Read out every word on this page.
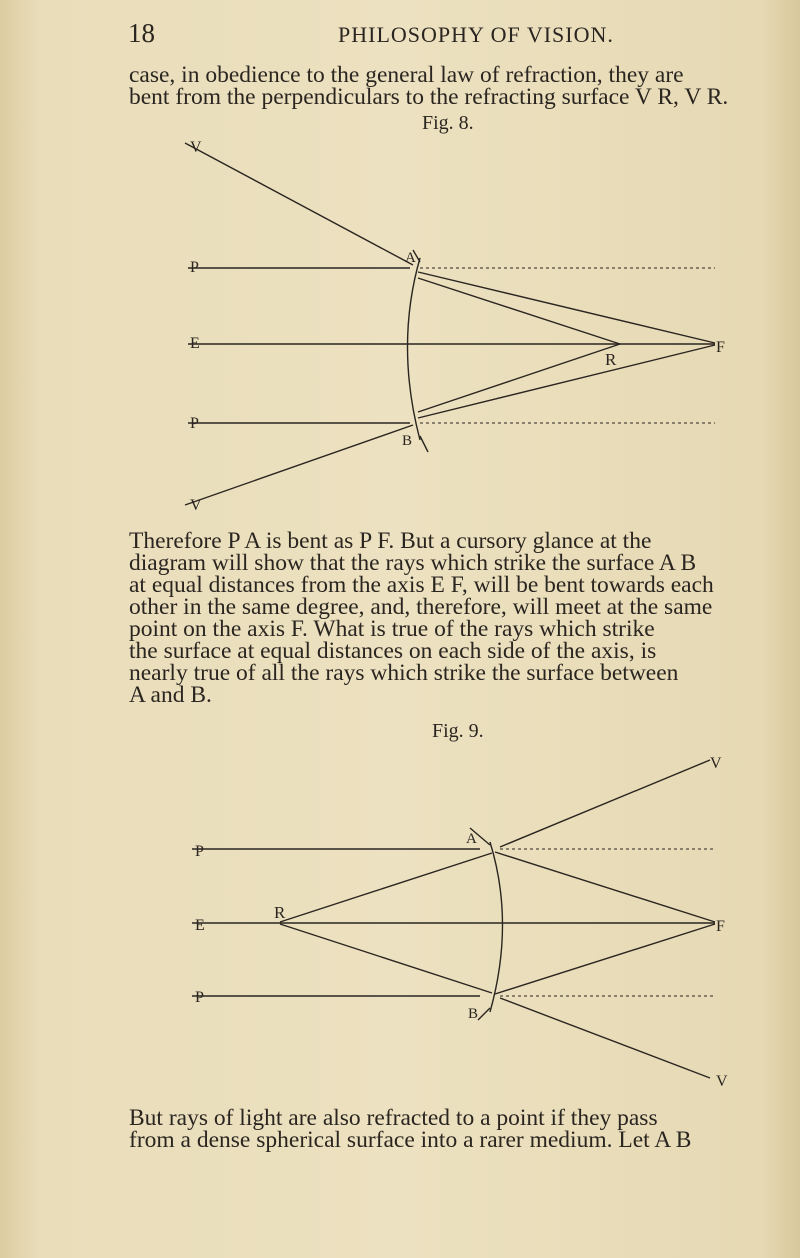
18	PHILOSOPHY OF VISION.

case, in obedience to the general law of refraction, they are
bent from the perpendiculars to the refracting surface V R, V R.

Fig. 8.
V
P
A
E	F
R
P
B
V

Therefore P A is bent as P F. But a cursory glance at the
diagram will show that the rays which strike the surface A B
at equal distances from the axis E F, will be bent towards each
other in the same degree, and, therefore, will meet at the same
point on the axis F. What is true of the rays which strike
the surface at equal distances on each side of the axis, is
nearly true of all the rays which strike the surface between
A and B.

Fig. 9.
V
P
A
E
R
F
P
B
V

But rays of light are also refracted to a point if they pass
from a dense spherical surface into a rarer medium. Let A B
